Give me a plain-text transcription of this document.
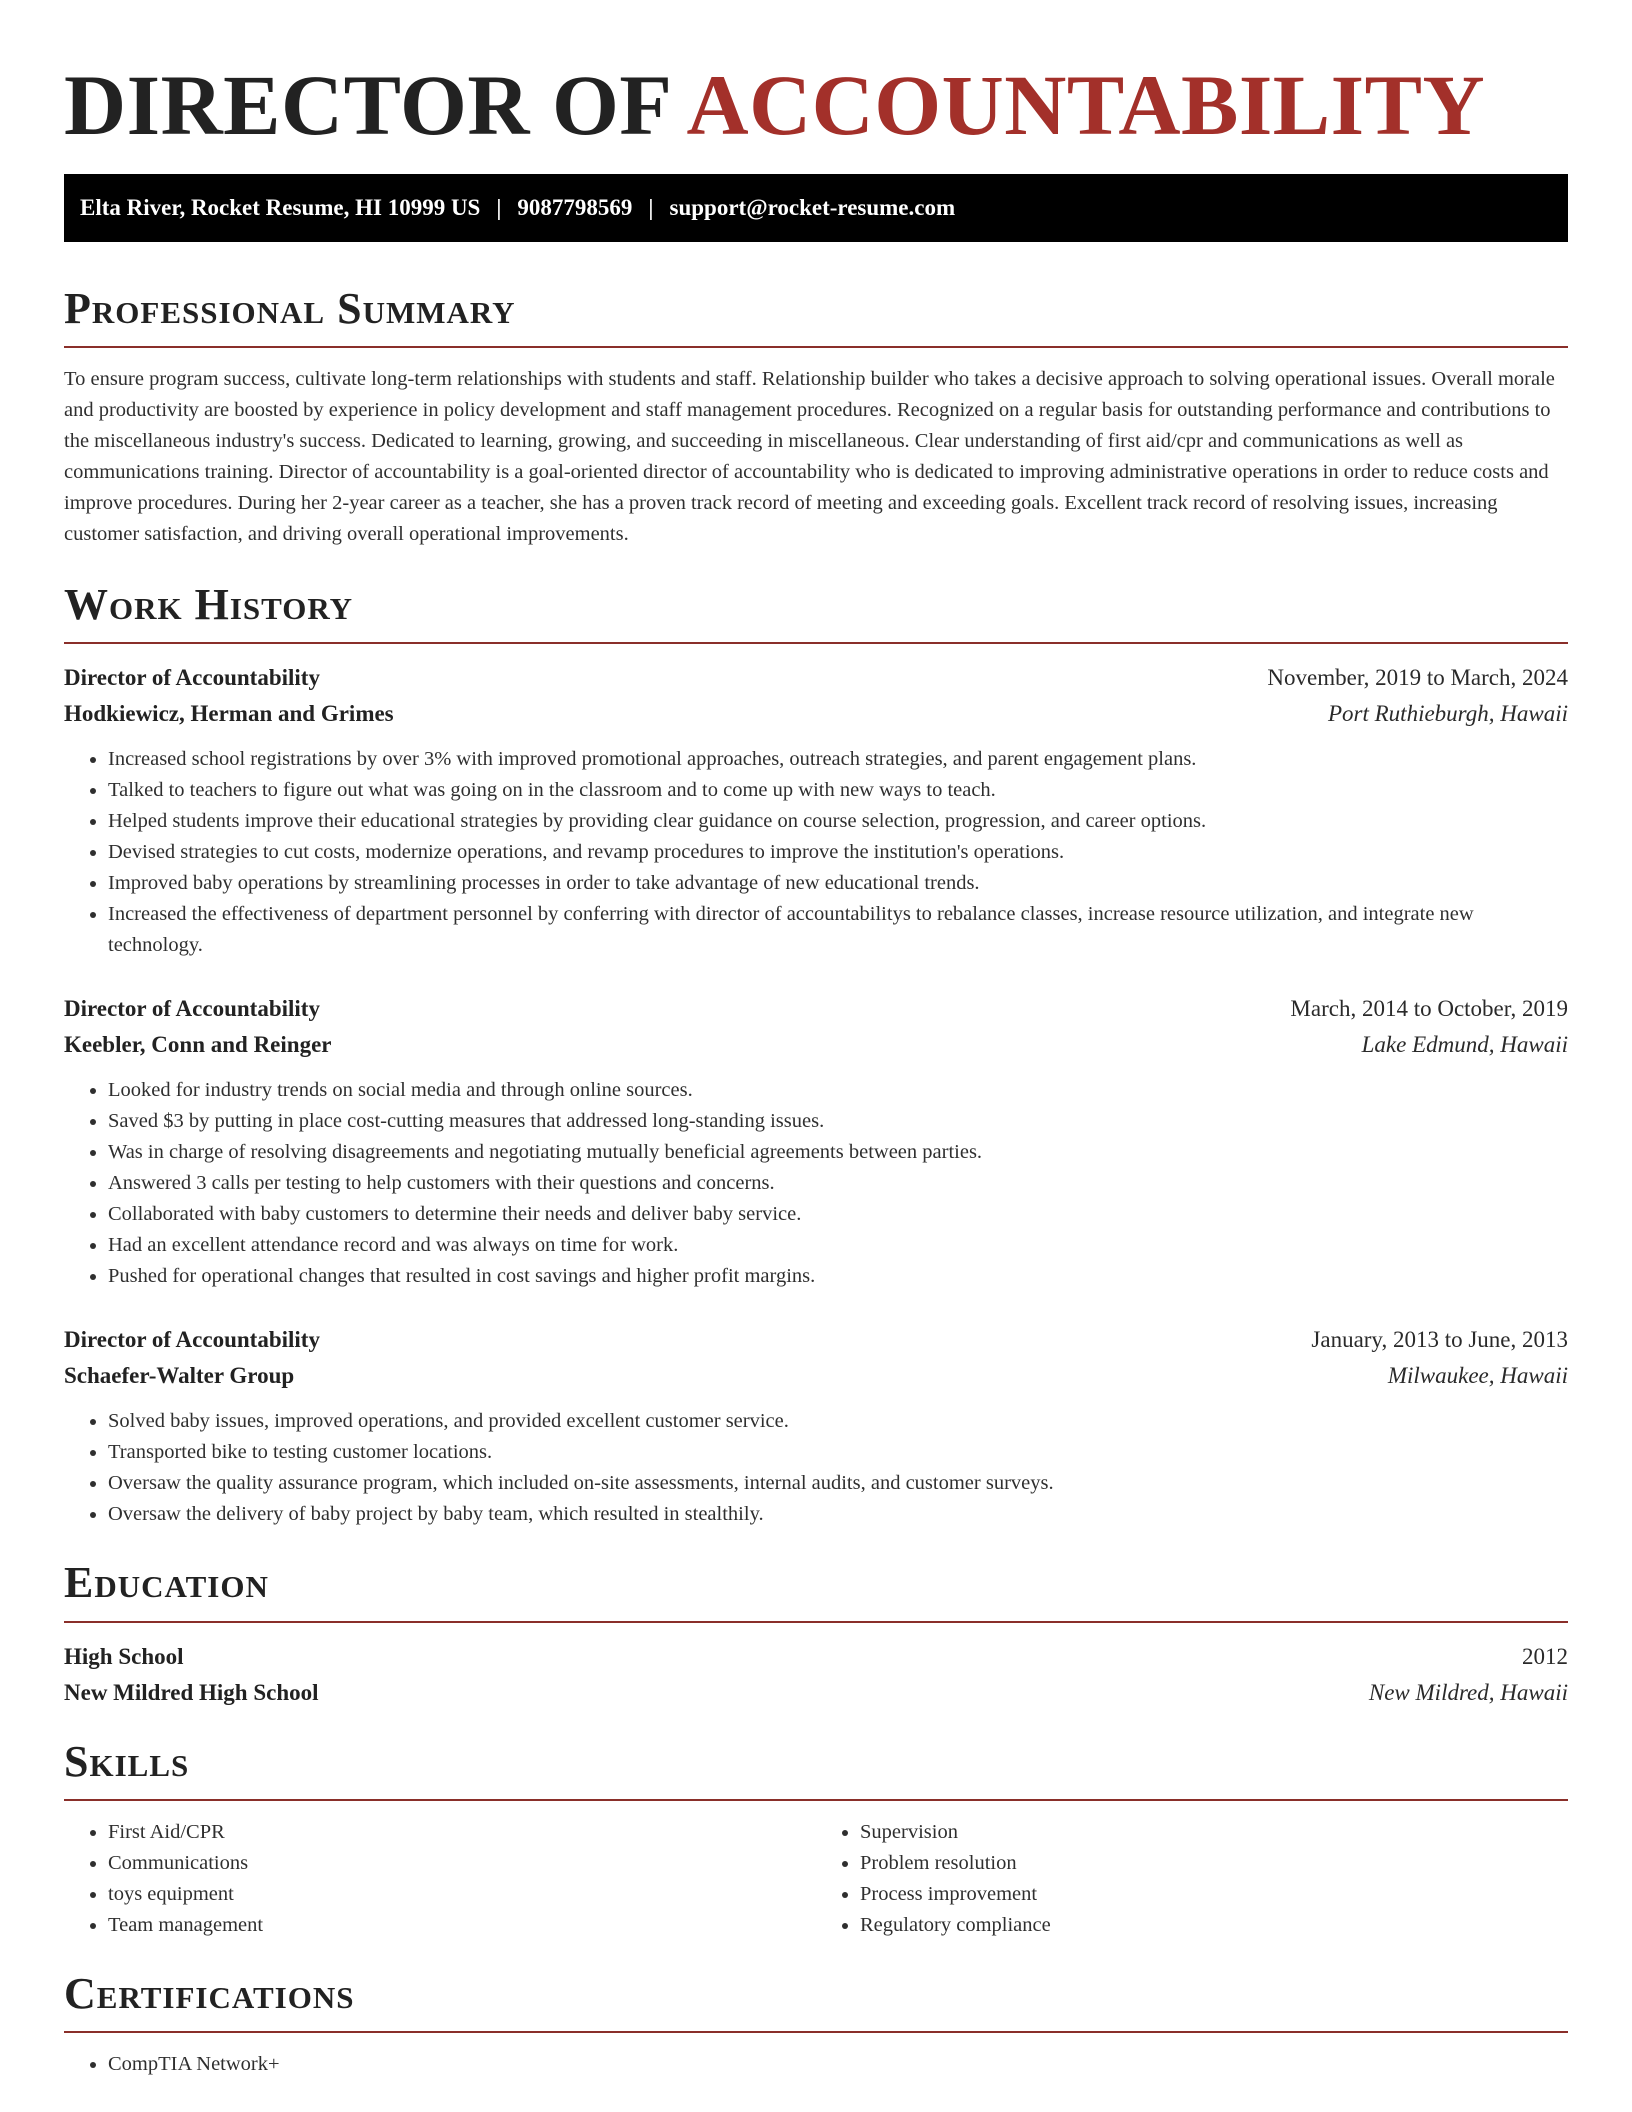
DIRECTOR OF ACCOUNTABILITY
Elta River, Rocket Resume, HI 10999 US | 9087798569 | support@rocket-resume.com
Professional Summary

To ensure program success, cultivate long-term relationships with students and staff. Relationship builder who takes a decisive approach to solving operational issues. Overall morale and productivity are boosted by experience in policy development and staff management procedures. Recognized on a regular basis for outstanding performance and contributions to the miscellaneous industry's success. Dedicated to learning, growing, and succeeding in miscellaneous. Clear understanding of first aid/cpr and communications as well as communications training. Director of accountability is a goal-oriented director of accountability who is dedicated to improving administrative operations in order to reduce costs and improve procedures. During her 2-year career as a teacher, she has a proven track record of meeting and exceeding goals. Excellent track record of resolving issues, increasing customer satisfaction, and driving overall operational improvements.

Work History
Director of Accountability	November, 2019 to March, 2024
Hodkiewicz, Herman and Grimes	Port Ruthieburgh, Hawaii
• Increased school registrations by over 3% with improved promotional approaches, outreach strategies, and parent engagement plans.
• Talked to teachers to figure out what was going on in the classroom and to come up with new ways to teach.
• Helped students improve their educational strategies by providing clear guidance on course selection, progression, and career options.
• Devised strategies to cut costs, modernize operations, and revamp procedures to improve the institution's operations.
• Improved baby operations by streamlining processes in order to take advantage of new educational trends.
• Increased the effectiveness of department personnel by conferring with director of accountabilitys to rebalance classes, increase resource utilization, and integrate new technology.
Director of Accountability	March, 2014 to October, 2019
Keebler, Conn and Reinger	Lake Edmund, Hawaii
• Looked for industry trends on social media and through online sources.
• Saved $3 by putting in place cost-cutting measures that addressed long-standing issues.
• Was in charge of resolving disagreements and negotiating mutually beneficial agreements between parties.
• Answered 3 calls per testing to help customers with their questions and concerns.
• Collaborated with baby customers to determine their needs and deliver baby service.
• Had an excellent attendance record and was always on time for work.
• Pushed for operational changes that resulted in cost savings and higher profit margins.
Director of Accountability	January, 2013 to June, 2013
Schaefer-Walter Group	Milwaukee, Hawaii
• Solved baby issues, improved operations, and provided excellent customer service.
• Transported bike to testing customer locations.
• Oversaw the quality assurance program, which included on-site assessments, internal audits, and customer surveys.
• Oversaw the delivery of baby project by baby team, which resulted in stealthily.
Education
High School	2012
New Mildred High School	New Mildred, Hawaii
Skills
• First Aid/CPR
• Communications
• toys equipment
• Team management
• Supervision
• Problem resolution
• Process improvement
• Regulatory compliance
Certifications
• CompTIA Network+
